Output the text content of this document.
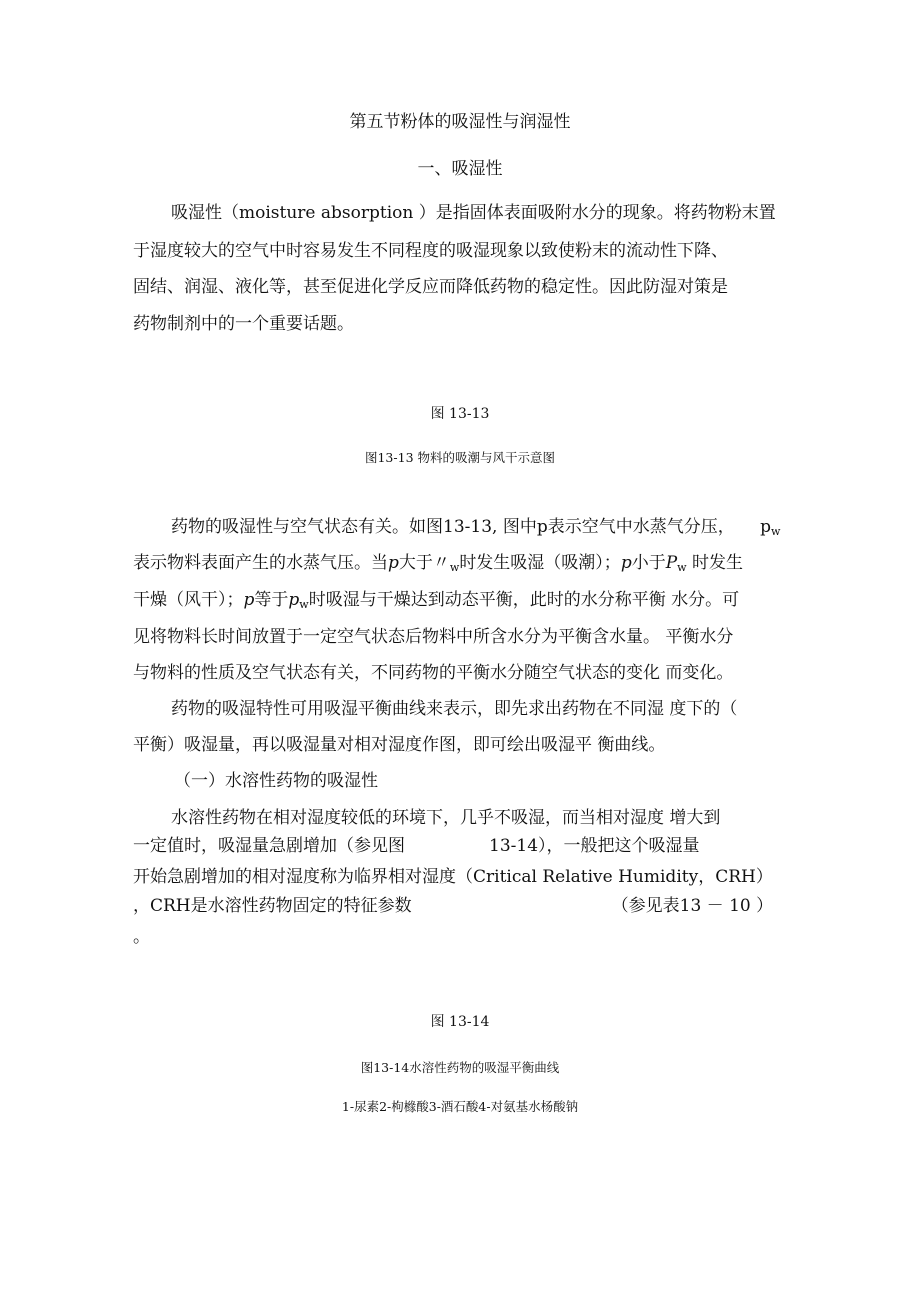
第五节粉体的吸湿性与润湿性
一、吸湿性
吸湿性（moisture absorption ）是指固体表面吸附水分的现象。将药物粉末置
于湿度较大的空气中时容易发生不同程度的吸湿现象以致使粉末的流动性下降、
固结、润湿、液化等，甚至促进化学反应而降低药物的稳定性。因此防湿对策是
药物制剂中的一个重要话题。
图 13-13
图13-13 物料的吸潮与风干示意图
药物的吸湿性与空气状态有关。如图13-13, 图中p表示空气中水蒸气分压， $p_w$
表示物料表面产生的水蒸气压。当p大于〃$_w$时发生吸湿（吸潮）；p小于$P_w$ 时发生
干燥（风干）；p等于$p_w$时吸湿与干燥达到动态平衡，此时的水分称平衡 水分。可
见将物料长时间放置于一定空气状态后物料中所含水分为平衡含水量。 平衡水分
与物料的性质及空气状态有关，不同药物的平衡水分随空气状态的变化 而变化。
药物的吸湿特性可用吸湿平衡曲线来表示，即先求出药物在不同湿 度下的（
平衡）吸湿量，再以吸湿量对相对湿度作图，即可绘出吸湿平 衡曲线。
（一）水溶性药物的吸湿性
水溶性药物在相对湿度较低的环境下，几乎不吸湿，而当相对湿度 增大到
一定值时，吸湿量急剧增加（参见图	13-14），一般把这个吸湿量
开始急剧增加的相对湿度称为临界相对湿度（Critical Relative Humidity，CRH）
，CRH是水溶性药物固定的特征参数	（参见表13 － 10 ）
。
图 13-14
图13-14水溶性药物的吸湿平衡曲线
1-尿素2-枸橼酸3-酒石酸4-对氨基水杨酸钠
